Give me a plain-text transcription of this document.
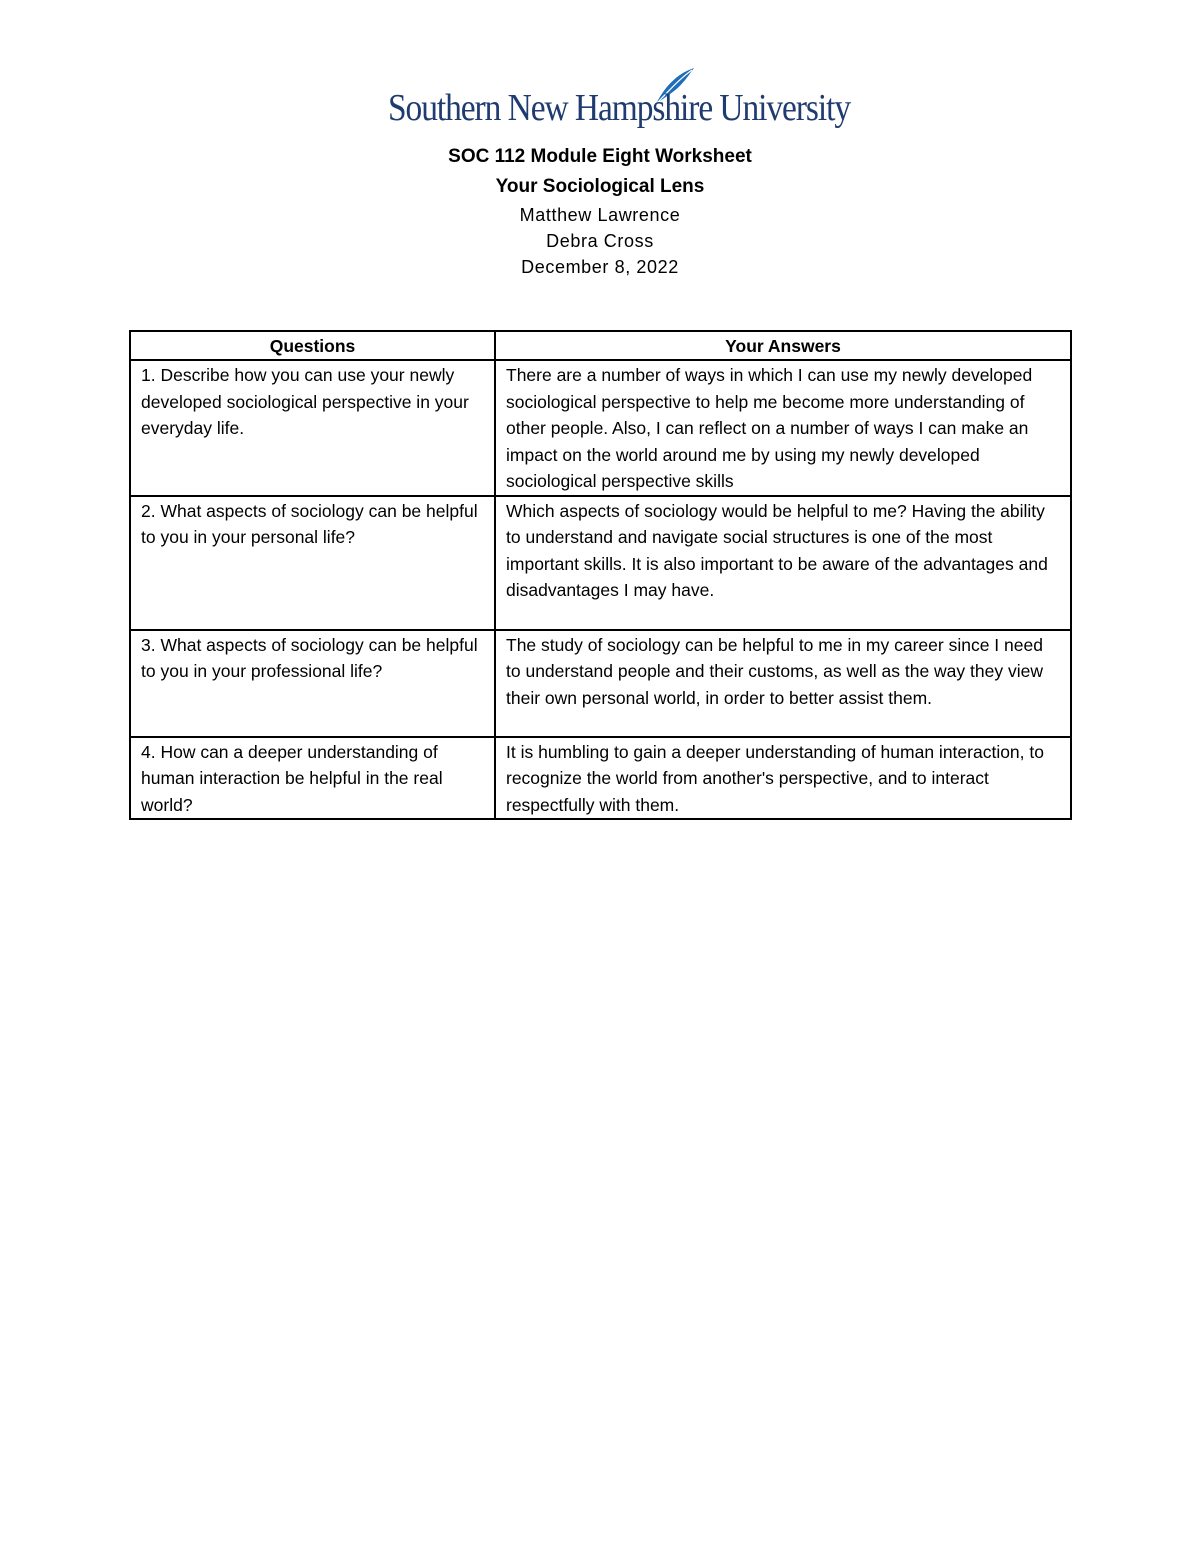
Southern New Hampshire University
SOC 112 Module Eight Worksheet
Your Sociological Lens
Matthew Lawrence
Debra Cross
December 8, 2022
Questions	Your Answers
1. Describe how you can use your newly developed sociological perspective in your everyday life.	There are a number of ways in which I can use my newly developed sociological perspective to help me become more understanding of other people. Also, I can reflect on a number of ways I can make an impact on the world around me by using my newly developed sociological perspective skills
2. What aspects of sociology can be helpful to you in your personal life?	Which aspects of sociology would be helpful to me? Having the ability to understand and navigate social structures is one of the most important skills. It is also important to be aware of the advantages and disadvantages I may have.
3. What aspects of sociology can be helpful to you in your professional life?	The study of sociology can be helpful to me in my career since I need to understand people and their customs, as well as the way they view their own personal world, in order to better assist them.
4. How can a deeper understanding of human interaction be helpful in the real world?	It is humbling to gain a deeper understanding of human interaction, to recognize the world from another's perspective, and to interact respectfully with them.
